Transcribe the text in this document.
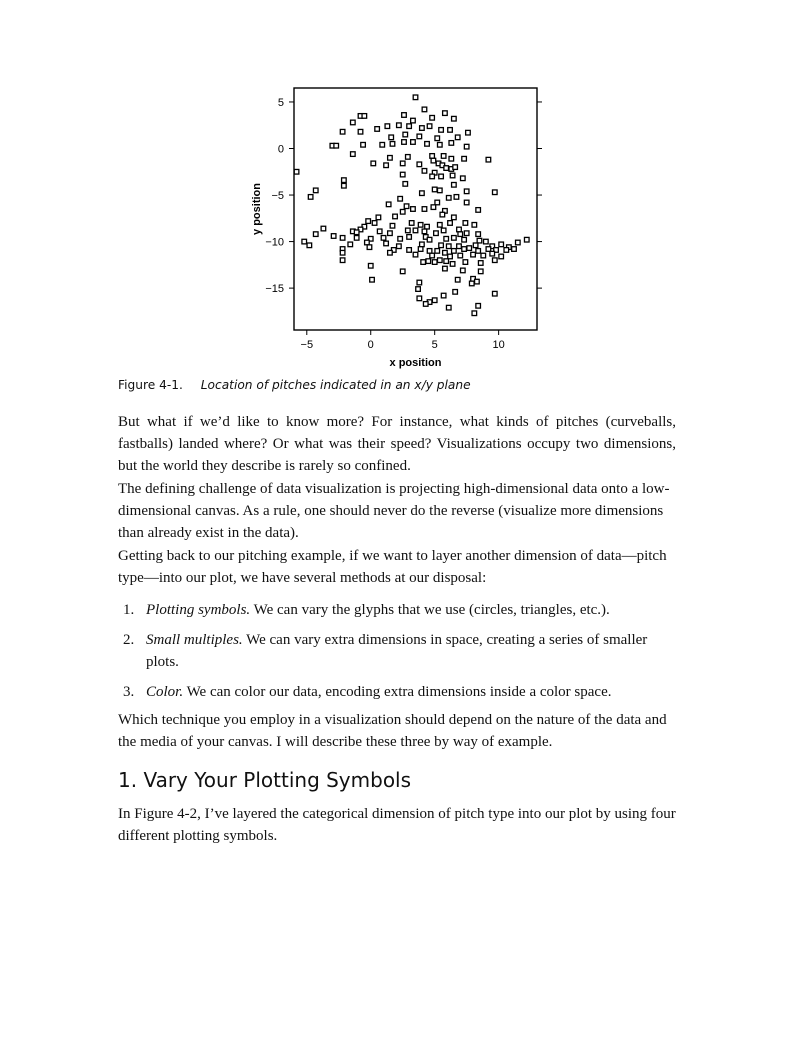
5
0
−5
−10
−15
−5	0	5	10
x position
y position
Figure 4-1. Location of pitches indicated in an x/y plane

But what if we’d like to know more? For instance, what kinds of pitches (curveballs, fastballs) landed where? Or what was their speed? Visualizations occupy two dimensions, but the world they describe is rarely so confined.

The defining challenge of data visualization is projecting high-dimensional data onto a low-dimensional canvas. As a rule, one should never do the reverse (visualize more dimensions than already exist in the data).

Getting back to our pitching example, if we want to layer another dimension of data—pitch type—into our plot, we have several methods at our disposal:

1. Plotting symbols. We can vary the glyphs that we use (circles, triangles, etc.).
2. Small multiples. We can vary extra dimensions in space, creating a series of smaller plots.
3. Color. We can color our data, encoding extra dimensions inside a color space.

Which technique you employ in a visualization should depend on the nature of the data and the media of your canvas. I will describe these three by way of example.

1. Vary Your Plotting Symbols

In Figure 4-2, I’ve layered the categorical dimension of pitch type into our plot by using four different plotting symbols.
